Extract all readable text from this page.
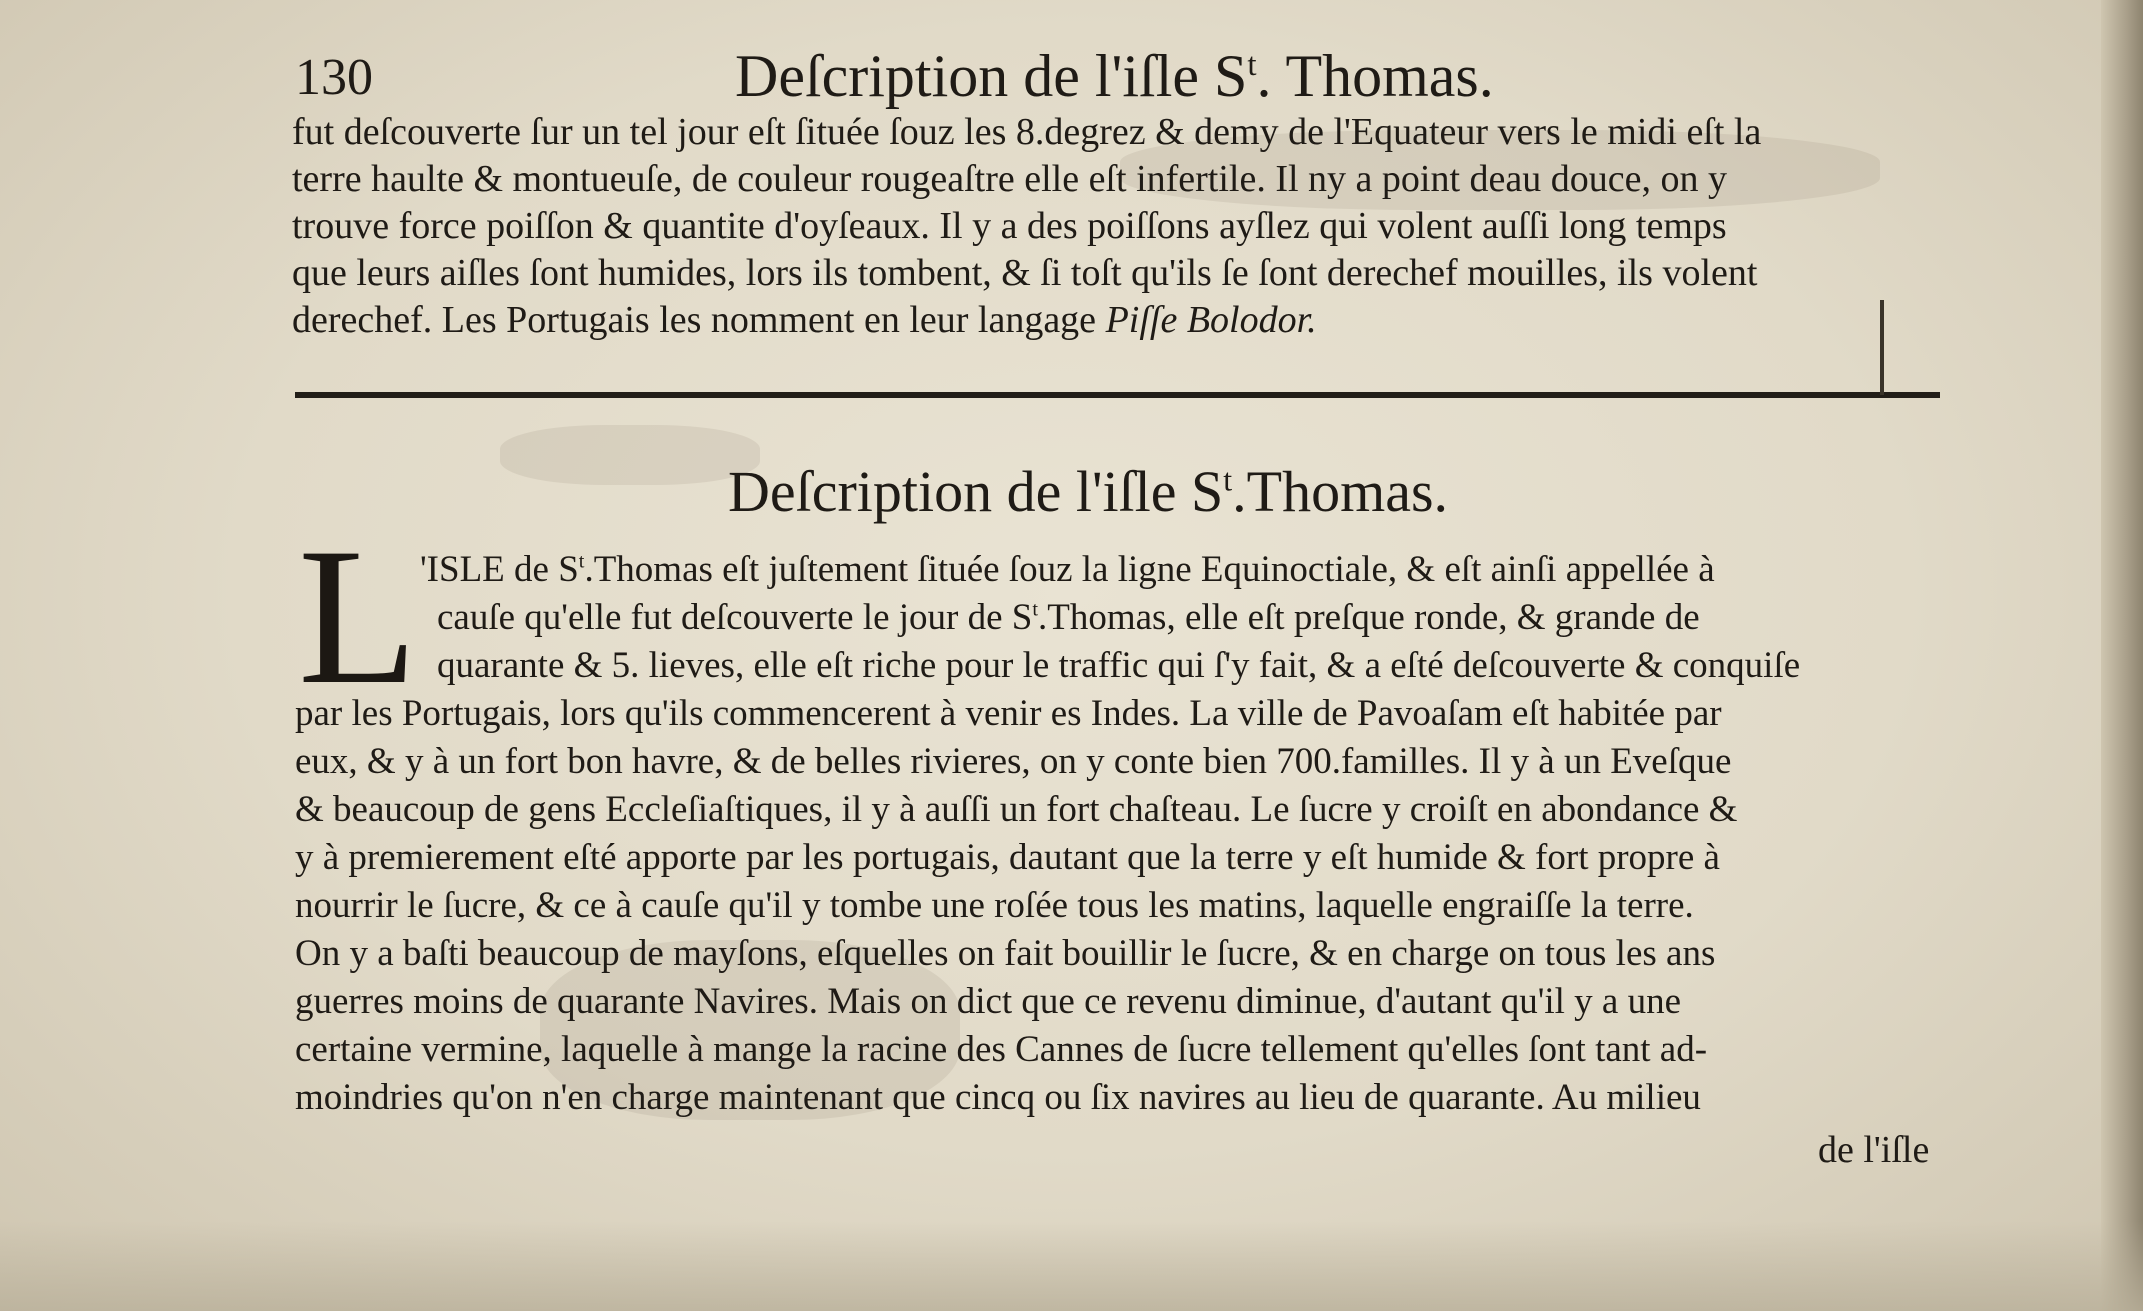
130	Deſcription de l'iſle $S^t$. Thomas.
fut deſcouverte ſur un tel jour eſt ſituée ſouz les 8.degrez & demy de l'Equateur vers le midi eſt la
terre haulte & montueuſe, de couleur rougeaſtre elle eſt infertile. Il ny a point deau douce, on y
trouve force poiſſon & quantite d'oyſeaux. Il y a des poiſſons ayſlez qui volent auſſi long temps
que leurs aiſles ſont humides, lors ils tombent, & ſi toſt qu'ils ſe ſont derechef mouilles, ils volent
derechef. Les Portugais les nomment en leur langage Piſſe Bolodor.
Deſcription de l'iſle $S^t.Thomas$.
L 'ISLE de $S^t.Thomas$ eſt juſtement ſituée ſouz la ligne Equinoctiale, & eſt ainſi appellée à
cauſe qu'elle fut deſcouverte le jour de $S^t.Thomas$, elle eſt preſque ronde, & grande de
quarante & 5. lieves, elle eſt riche pour le traffic qui ſ'y fait, & a eſté deſcouverte & conquiſe
par les Portugais, lors qu'ils commencerent à venir es Indes. La ville de Pavoaſam eſt habitée par
eux, & y à un fort bon havre, & de belles rivieres, on y conte bien 700.familles. Il y à un Eveſque
& beaucoup de gens Eccleſiaſtiques, il y à auſſi un fort chaſteau. Le ſucre y croiſt en abondance &
y à premierement eſté apporte par les portugais, dautant que la terre y eſt humide & fort propre à
nourrir le ſucre, & ce à cauſe qu'il y tombe une roſée tous les matins, laquelle engraiſſe la terre.
On y a baſti beaucoup de mayſons, eſquelles on fait bouillir le ſucre, & en charge on tous les ans
guerres moins de quarante Navires. Mais on dict que ce revenu diminue, d'autant qu'il y a une
certaine vermine, laquelle à mange la racine des Cannes de ſucre tellement qu'elles ſont tant ad-
moindries qu'on n'en charge maintenant que cincq ou ſix navires au lieu de quarante. Au milieu
de l'iſle
